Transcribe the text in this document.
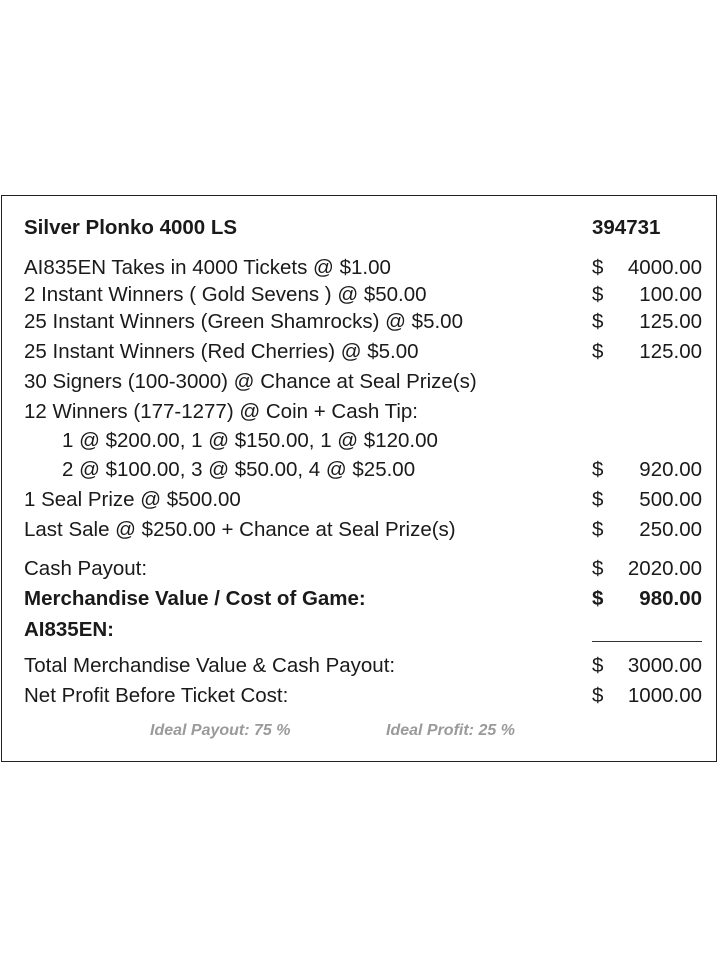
Silver Plonko 4000 LS	394731
AI835EN Takes in 4000 Tickets @ $1.00	$ 4000.00
2 Instant Winners ( Gold Sevens ) @ $50.00	$ 100.00
25 Instant Winners (Green Shamrocks) @ $5.00	$ 125.00
25 Instant Winners (Red Cherries) @ $5.00	$ 125.00
30 Signers (100-3000) @ Chance at Seal Prize(s)
12 Winners (177-1277) @ Coin + Cash Tip:
1 @ $200.00, 1 @ $150.00, 1 @ $120.00
2 @ $100.00, 3 @ $50.00, 4 @ $25.00	$ 920.00
1 Seal Prize @ $500.00	$ 500.00
Last Sale @ $250.00 + Chance at Seal Prize(s)	$ 250.00
Cash Payout:	$ 2020.00
Merchandise Value / Cost of Game:	$ 980.00
AI835EN:
Total Merchandise Value & Cash Payout:	$ 3000.00
Net Profit Before Ticket Cost:	$ 1000.00
Ideal Payout: 75 %	Ideal Profit: 25 %
